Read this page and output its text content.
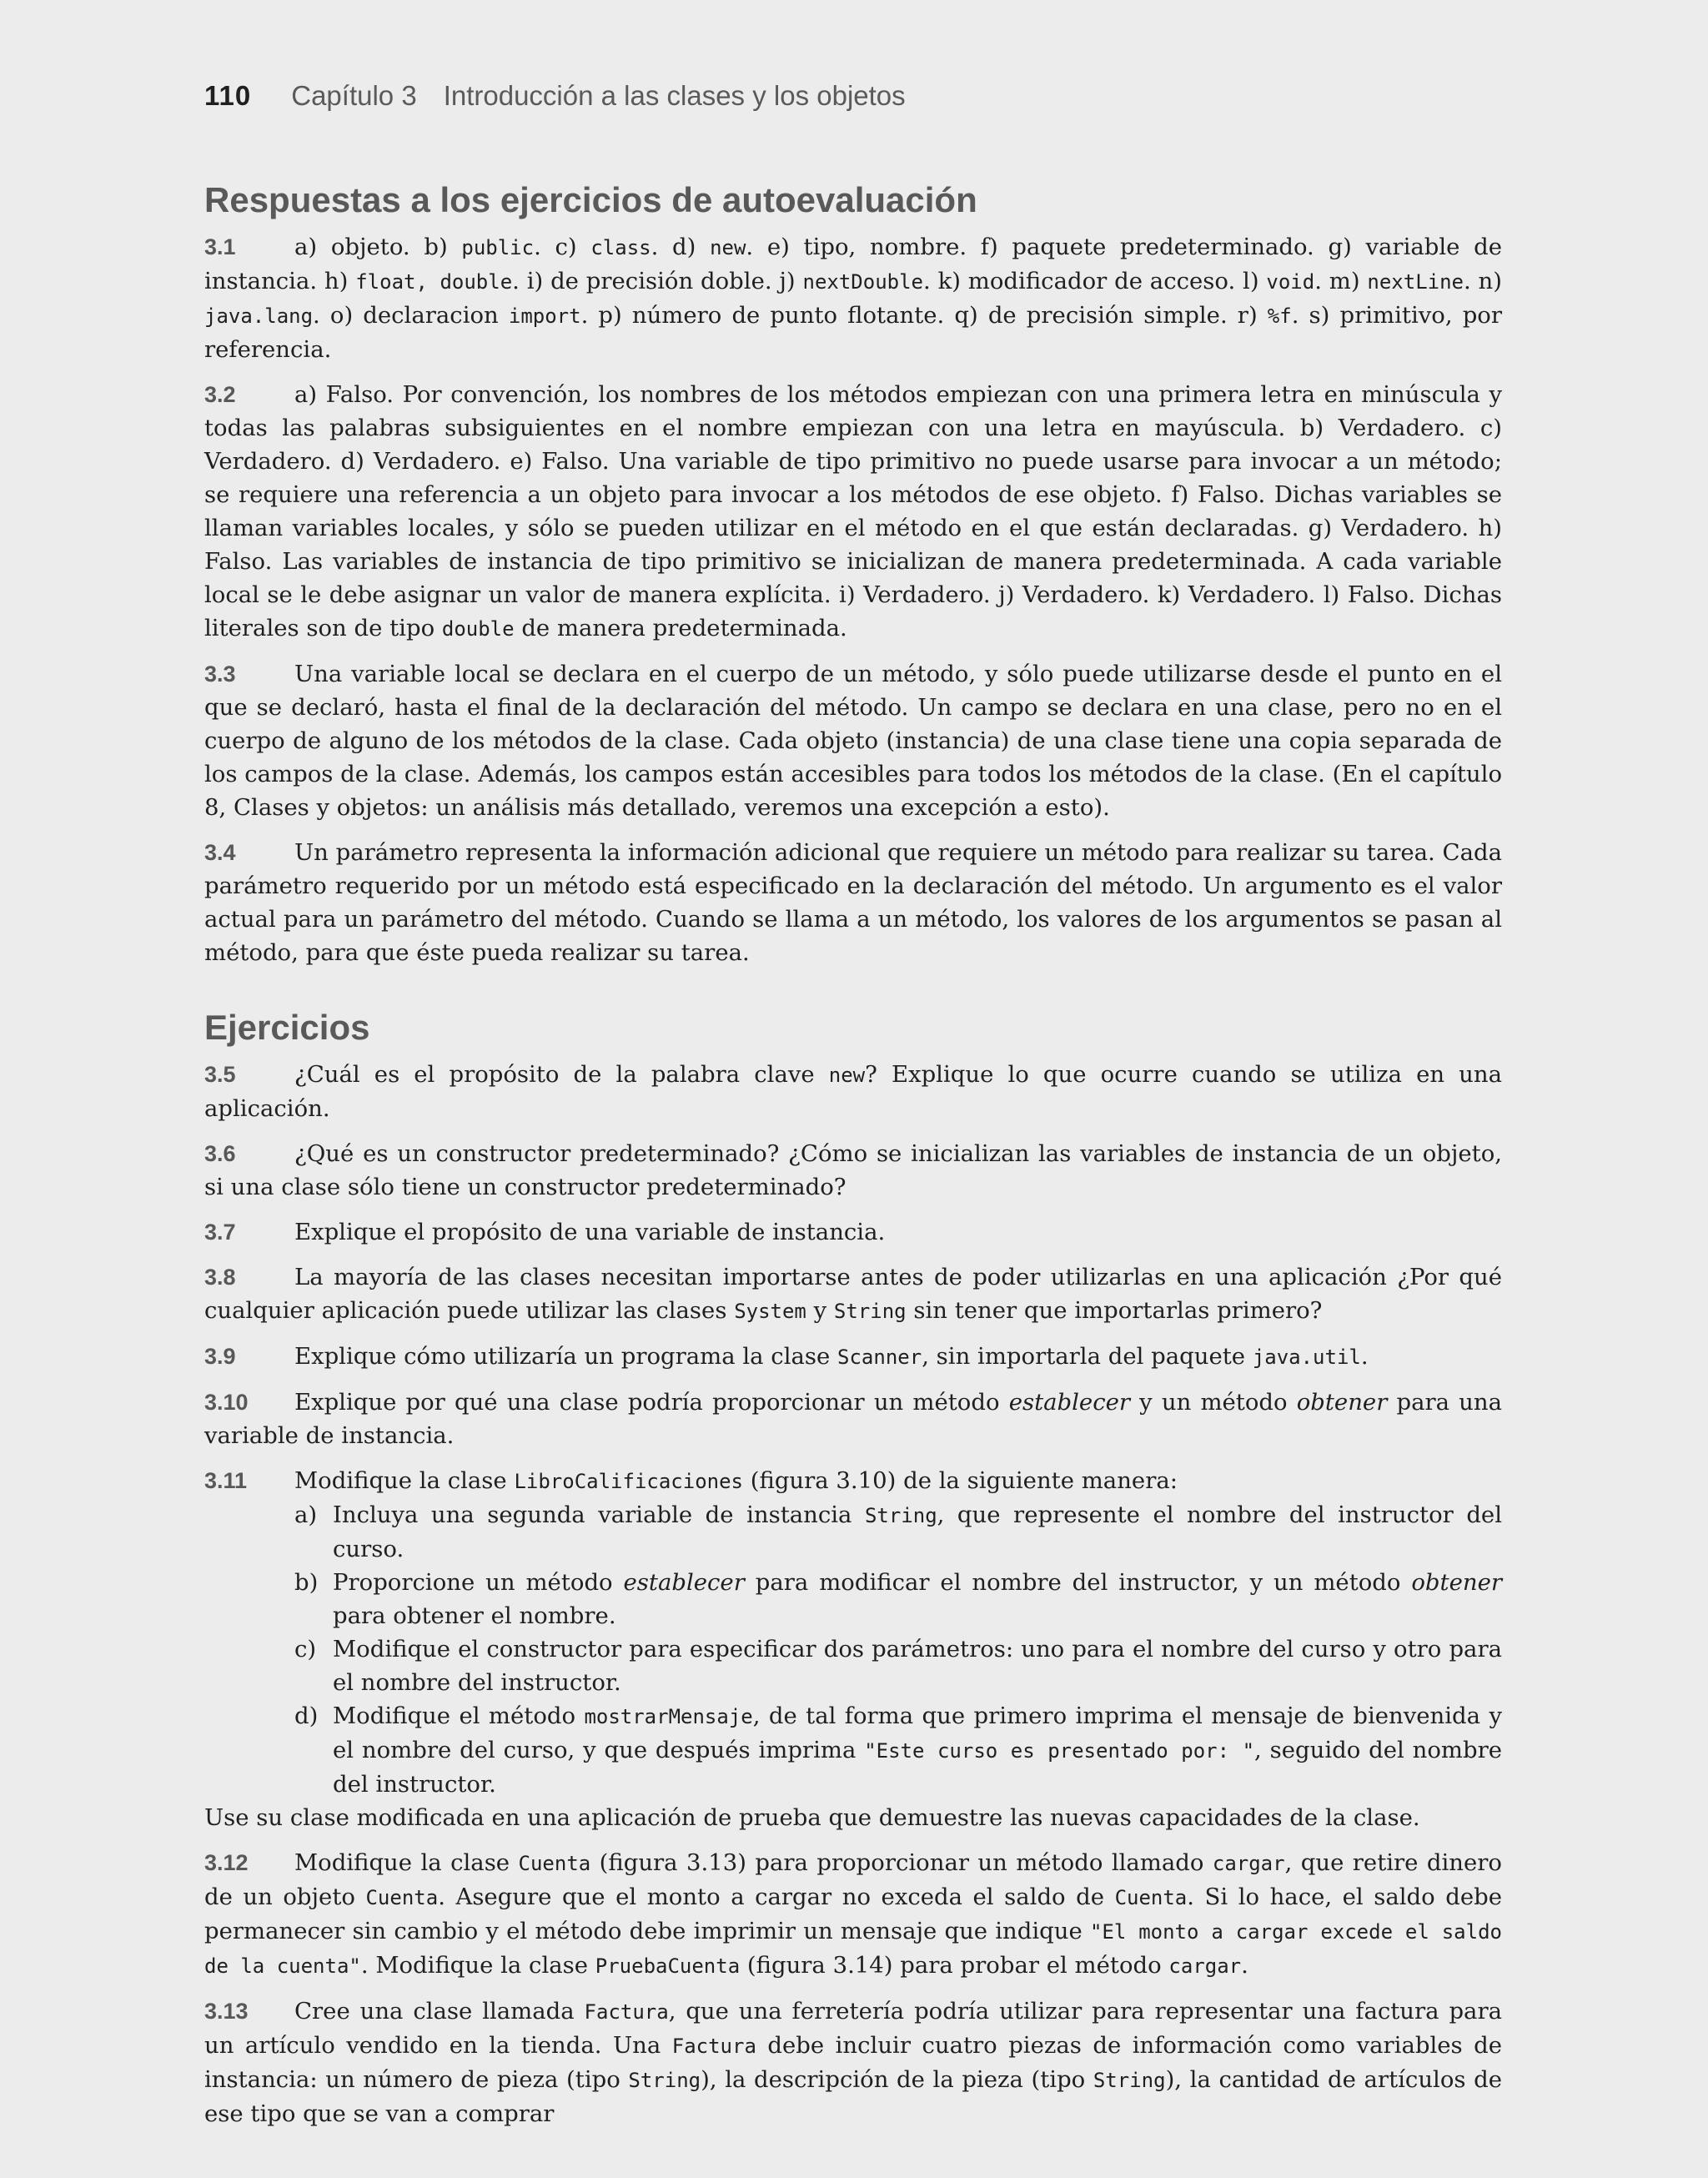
110 Capítulo 3 Introducción a las clases y los objetos
Respuestas a los ejercicios de autoevaluación

3.1	a) objeto. b) public. c) class. d) new. e) tipo, nombre. f) paquete predeterminado. g) variable de instancia. h) float, double. i) de precisión doble. j) nextDouble. k) modificador de acceso. l) void. m) nextLine. n) java.lang. o) declaracion import. p) número de punto flotante. q) de precisión simple. r) %f. s) primitivo, por referencia.

3.2	a) Falso. Por convención, los nombres de los métodos empiezan con una primera letra en minúscula y todas las palabras subsiguientes en el nombre empiezan con una letra en mayúscula. b) Verdadero. c) Verdadero. d) Verdadero. e) Falso. Una variable de tipo primitivo no puede usarse para invocar a un método; se requiere una referencia a un objeto para invocar a los métodos de ese objeto. f) Falso. Dichas variables se llaman variables locales, y sólo se pueden utilizar en el método en el que están declaradas. g) Verdadero. h) Falso. Las variables de instancia de tipo primitivo se inicializan de manera predeterminada. A cada variable local se le debe asignar un valor de manera explícita. i) Verdadero. j) Verdadero. k) Verdadero. l) Falso. Dichas literales son de tipo double de manera predeterminada.

3.3	Una variable local se declara en el cuerpo de un método, y sólo puede utilizarse desde el punto en el que se declaró, hasta el final de la declaración del método. Un campo se declara en una clase, pero no en el cuerpo de alguno de los métodos de la clase. Cada objeto (instancia) de una clase tiene una copia separada de los campos de la clase. Además, los campos están accesibles para todos los métodos de la clase. (En el capítulo 8, Clases y objetos: un análisis más detallado, veremos una excepción a esto).

3.4	Un parámetro representa la información adicional que requiere un método para realizar su tarea. Cada parámetro requerido por un método está especificado en la declaración del método. Un argumento es el valor actual para un parámetro del método. Cuando se llama a un método, los valores de los argumentos se pasan al método, para que éste pueda realizar su tarea.

Ejercicios

3.5	¿Cuál es el propósito de la palabra clave new? Explique lo que ocurre cuando se utiliza en una aplicación.

3.6	¿Qué es un constructor predeterminado? ¿Cómo se inicializan las variables de instancia de un objeto, si una clase sólo tiene un constructor predeterminado?

3.7	Explique el propósito de una variable de instancia.

3.8	La mayoría de las clases necesitan importarse antes de poder utilizarlas en una aplicación ¿Por qué cualquier aplicación puede utilizar las clases System y String sin tener que importarlas primero?

3.9	Explique cómo utilizaría un programa la clase Scanner, sin importarla del paquete java.util.

3.10 Explique por qué una clase podría proporcionar un método establecer y un método obtener para una variable de instancia.

3.11 Modifique la clase LibroCalificaciones (figura 3.10) de la siguiente manera:

a) Incluya una segunda variable de instancia String, que represente el nombre del instructor del curso.
b) Proporcione un método establecer para modificar el nombre del instructor, y un método obtener para obtener el nombre.
c) Modifique el constructor para especificar dos parámetros: uno para el nombre del curso y otro para el nombre del instructor.
d) Modifique el método mostrarMensaje, de tal forma que primero imprima el mensaje de bienvenida y el nombre del curso, y que después imprima "Este curso es presentado por: ", seguido del nombre del instructor.

Use su clase modificada en una aplicación de prueba que demuestre las nuevas capacidades de la clase.

3.12 Modifique la clase Cuenta (figura 3.13) para proporcionar un método llamado cargar, que retire dinero de un objeto Cuenta. Asegure que el monto a cargar no exceda el saldo de Cuenta. Si lo hace, el saldo debe permanecer sin cambio y el método debe imprimir un mensaje que indique "El monto a cargar excede el saldo de la cuenta". Modifique la clase PruebaCuenta (figura 3.14) para probar el método cargar.

3.13 Cree una clase llamada Factura, que una ferretería podría utilizar para representar una factura para un artículo vendido en la tienda. Una Factura debe incluir cuatro piezas de información como variables de instancia: un número de pieza (tipo String), la descripción de la pieza (tipo String), la cantidad de artículos de ese tipo que se van a comprar
